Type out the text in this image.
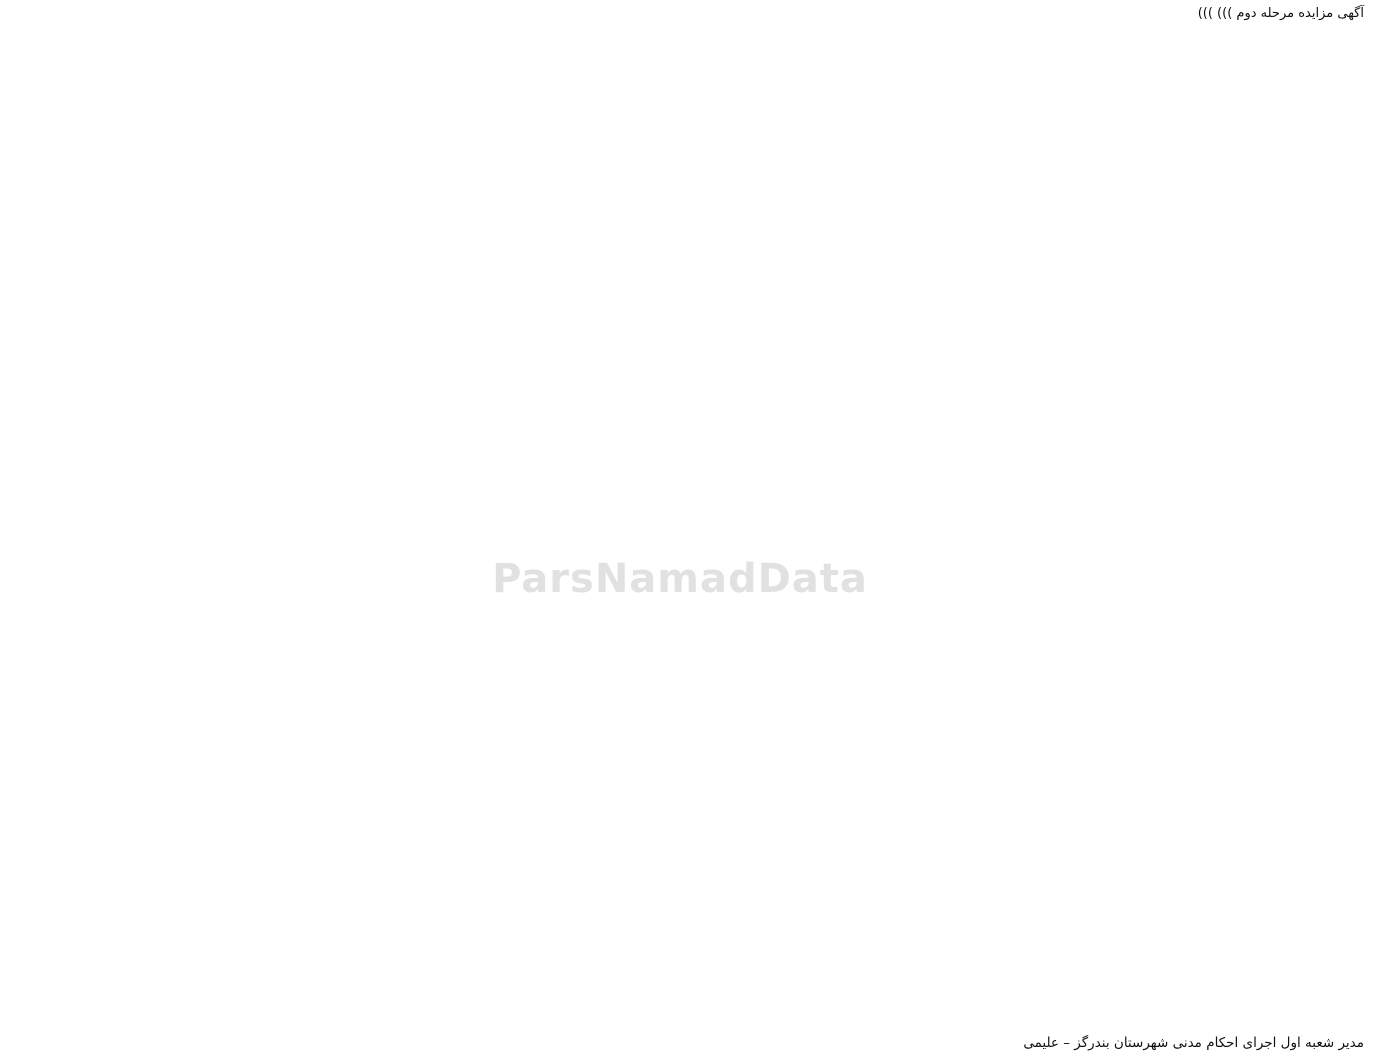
آگهی مزایده مرحله دوم ))) )))

مدیر شعبه اول اجرای احکام مدنی شهرستان بندرگز – علیمی
ParsNamadData
